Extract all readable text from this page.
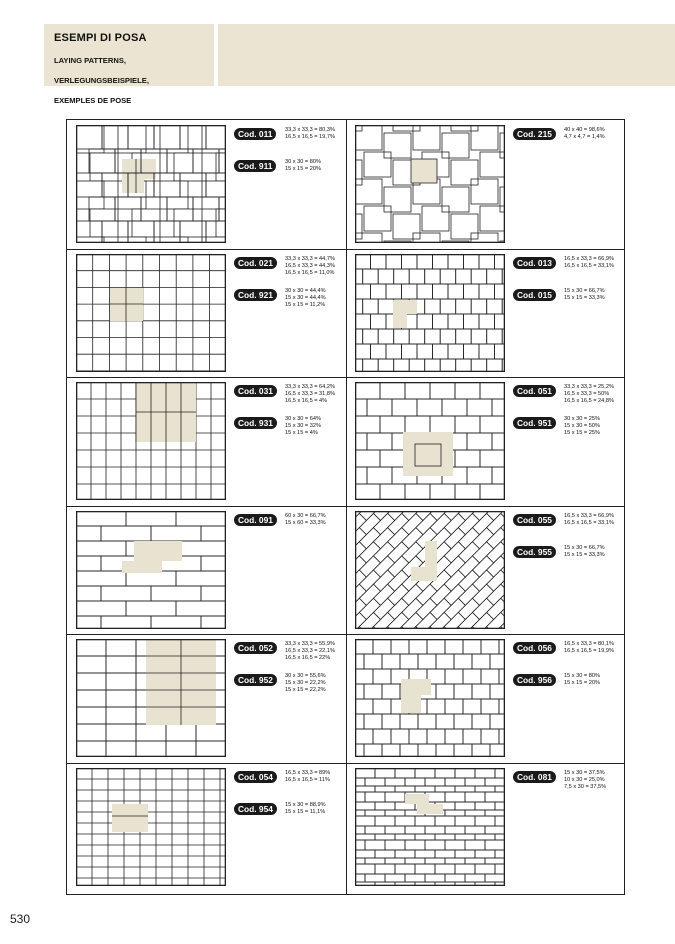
ESEMPI DI POSA

LAYING PATTERNS,

VERLEGUNGSBEISPIELE,

EXEMPLES DE POSE

Cod. 011	33,3 x 33,3 = 80,3%
16,5 x 16,5 = 19,7%
Cod. 911	30 x 30 = 80%
15 x 15 = 20%
Cod. 215	40 x 40 = 98,6%
4,7 x 4,7 = 1,4%
Cod. 021	33,3 x 33,3 = 44,7%
16,5 x 33,3 = 44,3%
16,5 x 16,5 = 11,0%
Cod. 921	30 x 30 = 44,4%
15 x 30 = 44,4%
15 x 15 = 11,2%
Cod. 013	16,5 x 33,3 = 66,9%
16,5 x 16,5 = 33,1%
Cod. 015	15 x 30 = 66,7%
15 x 15 = 33,3%
Cod. 031	33,3 x 33,3 = 64,2%
16,5 x 33,3 = 31,8%
16,5 x 16,5 = 4%
Cod. 931	30 x 30 = 64%
15 x 30 = 32%
15 x 15 = 4%
Cod. 051	33,3 x 33,3 = 25,2%
16,5 x 33,3 = 50%
16,5 x 16,5 = 24,8%
Cod. 951	30 x 30 = 25%
15 x 30 = 50%
15 x 15 = 25%
Cod. 091	60 x 30 = 66,7%
15 x 60 = 33,3%	Cod. 055	16,5 x 33,3 = 66,9%
16,5 x 16,5 = 33,1%
Cod. 955	15 x 30 = 66,7%
15 x 15 = 33,3%
Cod. 052	33,3 x 33,3 = 55,9%
16,5 x 33,3 = 22,1%
16,5 x 16,5 = 22%
Cod. 952	30 x 30 = 55,6%
15 x 30 = 22,2%
15 x 15 = 22,2%
Cod. 056	16,5 x 33,3 = 80,1%
16,5 x 16,5 = 19,9%
Cod. 956	15 x 30 = 80%
15 x 15 = 20%
Cod. 054	16,5 x 33,3 = 89%
16,5 x 16,5 = 11%
Cod. 954	15 x 30 = 88,9%
15 x 15 = 11,1%
Cod. 081	15 x 30 = 37,5%
10 x 30 = 25,0%
7,5 x 30 = 37,5%
530
